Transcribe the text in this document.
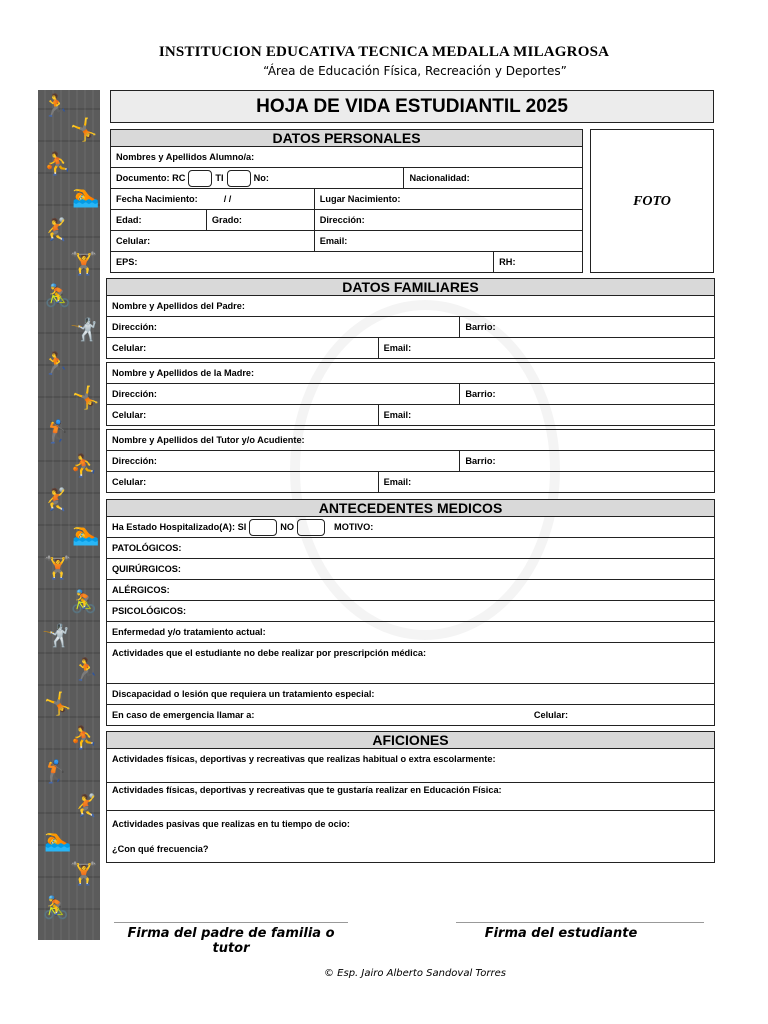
INSTITUCION EDUCATIVA TECNICA MEDALLA MILAGROSA
“Área de Educación Física, Recreación y Deportes”
🏃
🤸
⛹
🏊
🤾
🏋
🚴
🤺
🏃
🤸
🏌
⛹
🤾
🏊
🏋
🚴
🤺
🏃
🤸
⛹
🏌
🤾
🏊
🏋
🚴
HOJA DE VIDA ESTUDIANTIL 2025
DATOS PERSONALES				
Nombres y Apellidos Alumno/a:				
Documento: RC TI No:			Nacionalidad:	
Fecha Nacimiento: / /		Lugar Nacimiento:		
Edad:	Grado:	Dirección:		
Celular:		Email:		
EPS:				RH:
FOTO
DATOS FAMILIARES		
Nombre y Apellidos del Padre:		
Dirección:		Barrio:
Celular:	Email:	

Nombre y Apellidos de la Madre:		
Dirección:		Barrio:
Celular:	Email:	

Nombre y Apellidos del Tutor y/o Acudiente:		
Dirección:		Barrio:
Celular:	Email:	
ANTECEDENTES MEDICOS
Ha Estado Hospitalizado(A): SI	NO	MOTIVO:
PATOLÓGICOS:
QUIRÚRGICOS:
ALÉRGICOS:
PSICOLÓGICOS:
Enfermedad y/o tratamiento actual:
Actividades que el estudiante no debe realizar por prescripción médica:
Discapacidad o lesión que requiera un tratamiento especial:
En caso de emergencia llamar a:	Celular:
AFICIONES
Actividades físicas, deportivas y recreativas que realizas habitual o extra escolarmente:
Actividades físicas, deportivas y recreativas que te gustaría realizar en Educación Física:
Actividades pasivas que realizas en tu tiempo de ocio:
¿Con qué frecuencia?
Firma del padre de familia o tutor
Firma del estudiante
© Esp. Jairo Alberto Sandoval Torres
